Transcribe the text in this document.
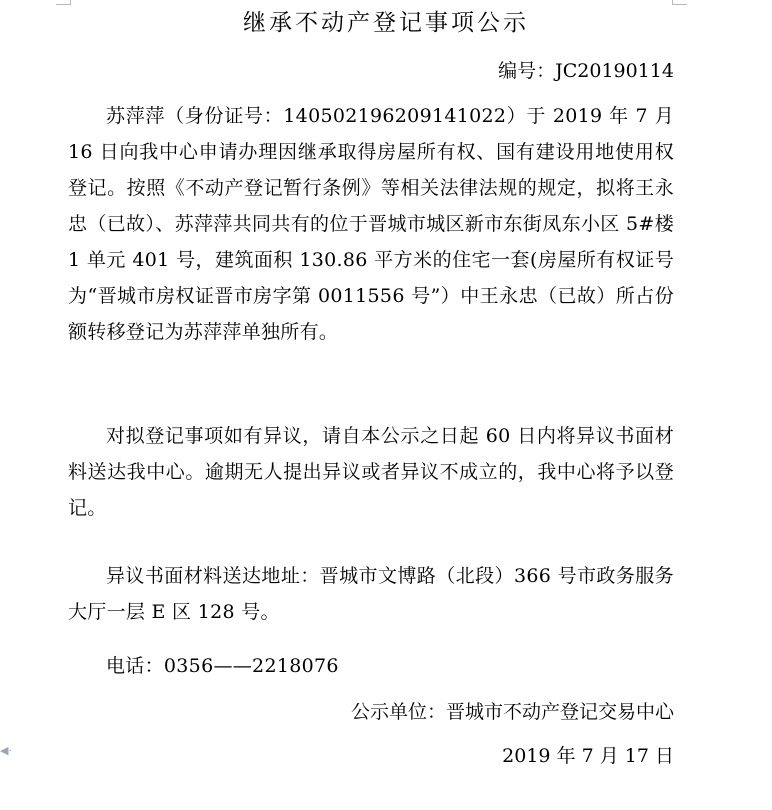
继承不动产登记事项公示
编号：JC20190114

苏萍萍（身份证号：140502196209141022）于 2019 年 7 月 16 日向我中心申请办理因继承取得房屋所有权、国有建设用地使用权登记。按照《不动产登记暂行条例》等相关法律法规的规定，拟将王永忠（已故）、苏萍萍共同共有的位于晋城市城区新市东街凤东小区 5#楼 1 单元 401 号，建筑面积 130.86 平方米的住宅一套(房屋所有权证号为“晋城市房权证晋市房字第 0011556 号”）中王永忠（已故）所占份额转移登记为苏萍萍单独所有。

对拟登记事项如有异议，请自本公示之日起 60 日内将异议书面材料送达我中心。逾期无人提出异议或者异议不成立的，我中心将予以登记。

异议书面材料送达地址：晋城市文博路（北段）366 号市政务服务大厅一层 E 区 128 号。

电话：0356——2218076

公示单位：晋城市不动产登记交易中心
2019 年 7 月 17 日
◀·
